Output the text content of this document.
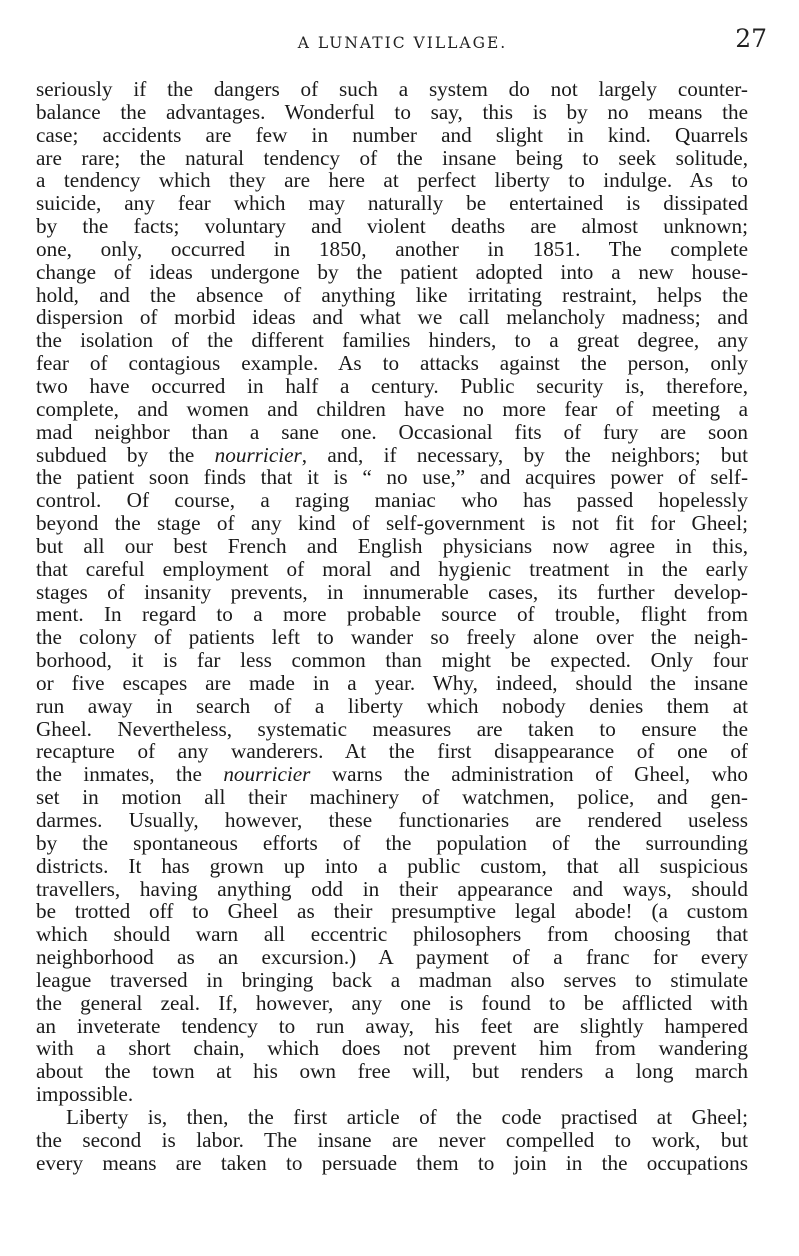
A LUNATIC VILLAGE.	27

seriously if the dangers of such a system do not largely counter-
balance the advantages. Wonderful to say, this is by no means the
case; accidents are few in number and slight in kind. Quarrels
are rare; the natural tendency of the insane being to seek solitude,
a tendency which they are here at perfect liberty to indulge. As to
suicide, any fear which may naturally be entertained is dissipated
by the facts; voluntary and violent deaths are almost unknown;
one, only, occurred in 1850, another in 1851. The complete
change of ideas undergone by the patient adopted into a new house-
hold, and the absence of anything like irritating restraint, helps the
dispersion of morbid ideas and what we call melancholy madness; and
the isolation of the different families hinders, to a great degree, any
fear of contagious example. As to attacks against the person, only
two have occurred in half a century. Public security is, therefore,
complete, and women and children have no more fear of meeting a
mad neighbor than a sane one. Occasional fits of fury are soon
subdued by the nourricier, and, if necessary, by the neighbors; but
the patient soon finds that it is “ no use,” and acquires power of self-
control. Of course, a raging maniac who has passed hopelessly
beyond the stage of any kind of self-government is not fit for Gheel;
but all our best French and English physicians now agree in this,
that careful employment of moral and hygienic treatment in the early
stages of insanity prevents, in innumerable cases, its further develop-
ment. In regard to a more probable source of trouble, flight from
the colony of patients left to wander so freely alone over the neigh-
borhood, it is far less common than might be expected. Only four
or five escapes are made in a year. Why, indeed, should the insane
run away in search of a liberty which nobody denies them at
Gheel. Nevertheless, systematic measures are taken to ensure the
recapture of any wanderers. At the first disappearance of one of
the inmates, the nourricier warns the administration of Gheel, who
set in motion all their machinery of watchmen, police, and gen-
darmes. Usually, however, these functionaries are rendered useless
by the spontaneous efforts of the population of the surrounding
districts. It has grown up into a public custom, that all suspicious
travellers, having anything odd in their appearance and ways, should
be trotted off to Gheel as their presumptive legal abode! (a custom
which should warn all eccentric philosophers from choosing that
neighborhood as an excursion.) A payment of a franc for every
league traversed in bringing back a madman also serves to stimulate
the general zeal. If, however, any one is found to be afflicted with
an inveterate tendency to run away, his feet are slightly hampered
with a short chain, which does not prevent him from wandering
about the town at his own free will, but renders a long march
impossible.

Liberty is, then, the first article of the code practised at Gheel;
the second is labor. The insane are never compelled to work, but
every means are taken to persuade them to join in the occupations
